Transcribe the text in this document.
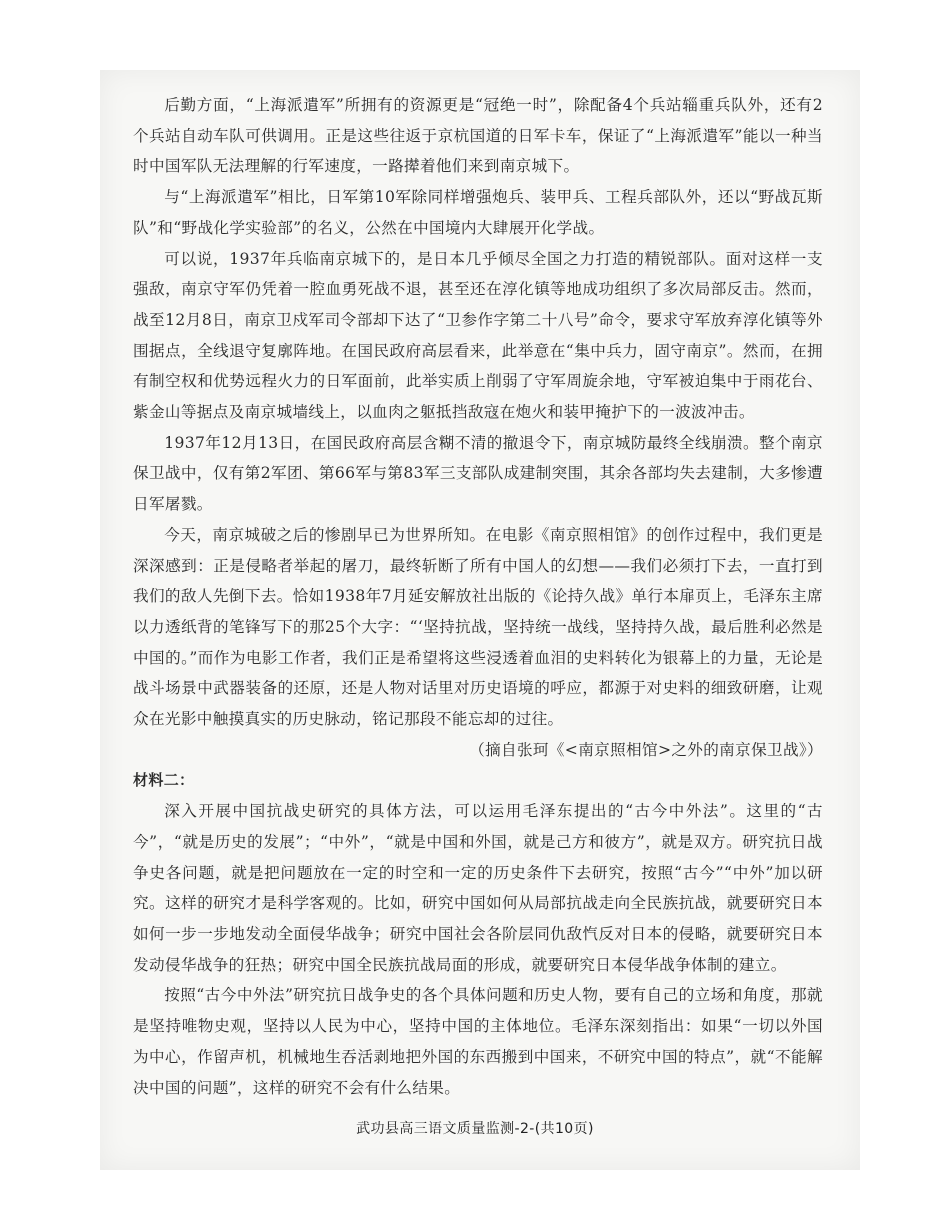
后勤方面，“上海派遣军”所拥有的资源更是“冠绝一时”，除配备4个兵站辎重兵队外，还有2个兵站自动车队可供调用。正是这些往返于京杭国道的日军卡车，保证了“上海派遣军”能以一种当时中国军队无法理解的行军速度，一路撵着他们来到南京城下。

与“上海派遣军”相比，日军第10军除同样增强炮兵、装甲兵、工程兵部队外，还以“野战瓦斯队”和“野战化学实验部”的名义，公然在中国境内大肆展开化学战。

可以说，1937年兵临南京城下的，是日本几乎倾尽全国之力打造的精锐部队。面对这样一支强敌，南京守军仍凭着一腔血勇死战不退，甚至还在淳化镇等地成功组织了多次局部反击。然而，战至12月8日，南京卫戍军司令部却下达了“卫参作字第二十八号”命令，要求守军放弃淳化镇等外围据点，全线退守复廓阵地。在国民政府高层看来，此举意在“集中兵力，固守南京”。然而，在拥有制空权和优势远程火力的日军面前，此举实质上削弱了守军周旋余地，守军被迫集中于雨花台、紫金山等据点及南京城墙线上，以血肉之躯抵挡敌寇在炮火和装甲掩护下的一波波冲击。

1937年12月13日，在国民政府高层含糊不清的撤退令下，南京城防最终全线崩溃。整个南京保卫战中，仅有第2军团、第66军与第83军三支部队成建制突围，其余各部均失去建制，大多惨遭日军屠戮。

今天，南京城破之后的惨剧早已为世界所知。在电影《南京照相馆》的创作过程中，我们更是深深感到：正是侵略者举起的屠刀，最终斩断了所有中国人的幻想——我们必须打下去，一直打到我们的敌人先倒下去。恰如1938年7月延安解放社出版的《论持久战》单行本扉页上，毛泽东主席以力透纸背的笔锋写下的那25个大字：“‘坚持抗战，坚持统一战线，坚持持久战，最后胜利必然是中国的。”而作为电影工作者，我们正是希望将这些浸透着血泪的史料转化为银幕上的力量，无论是战斗场景中武器装备的还原，还是人物对话里对历史语境的呼应，都源于对史料的细致研磨，让观众在光影中触摸真实的历史脉动，铭记那段不能忘却的过往。

（摘自张珂《<南京照相馆>之外的南京保卫战》）

材料二：

深入开展中国抗战史研究的具体方法，可以运用毛泽东提出的“古今中外法”。这里的“古今”，“就是历史的发展”；“中外”，“就是中国和外国，就是己方和彼方”，就是双方。研究抗日战争史各问题，就是把问题放在一定的时空和一定的历史条件下去研究，按照“古今”“中外”加以研究。这样的研究才是科学客观的。比如，研究中国如何从局部抗战走向全民族抗战，就要研究日本如何一步一步地发动全面侵华战争；研究中国社会各阶层同仇敌忾反对日本的侵略，就要研究日本发动侵华战争的狂热；研究中国全民族抗战局面的形成，就要研究日本侵华战争体制的建立。

按照“古今中外法”研究抗日战争史的各个具体问题和历史人物，要有自己的立场和角度，那就是坚持唯物史观，坚持以人民为中心，坚持中国的主体地位。毛泽东深刻指出：如果“一切以外国为中心，作留声机，机械地生吞活剥地把外国的东西搬到中国来，不研究中国的特点”，就“不能解决中国的问题”，这样的研究不会有什么结果。

武功县高三语文质量监测-2-(共10页)
